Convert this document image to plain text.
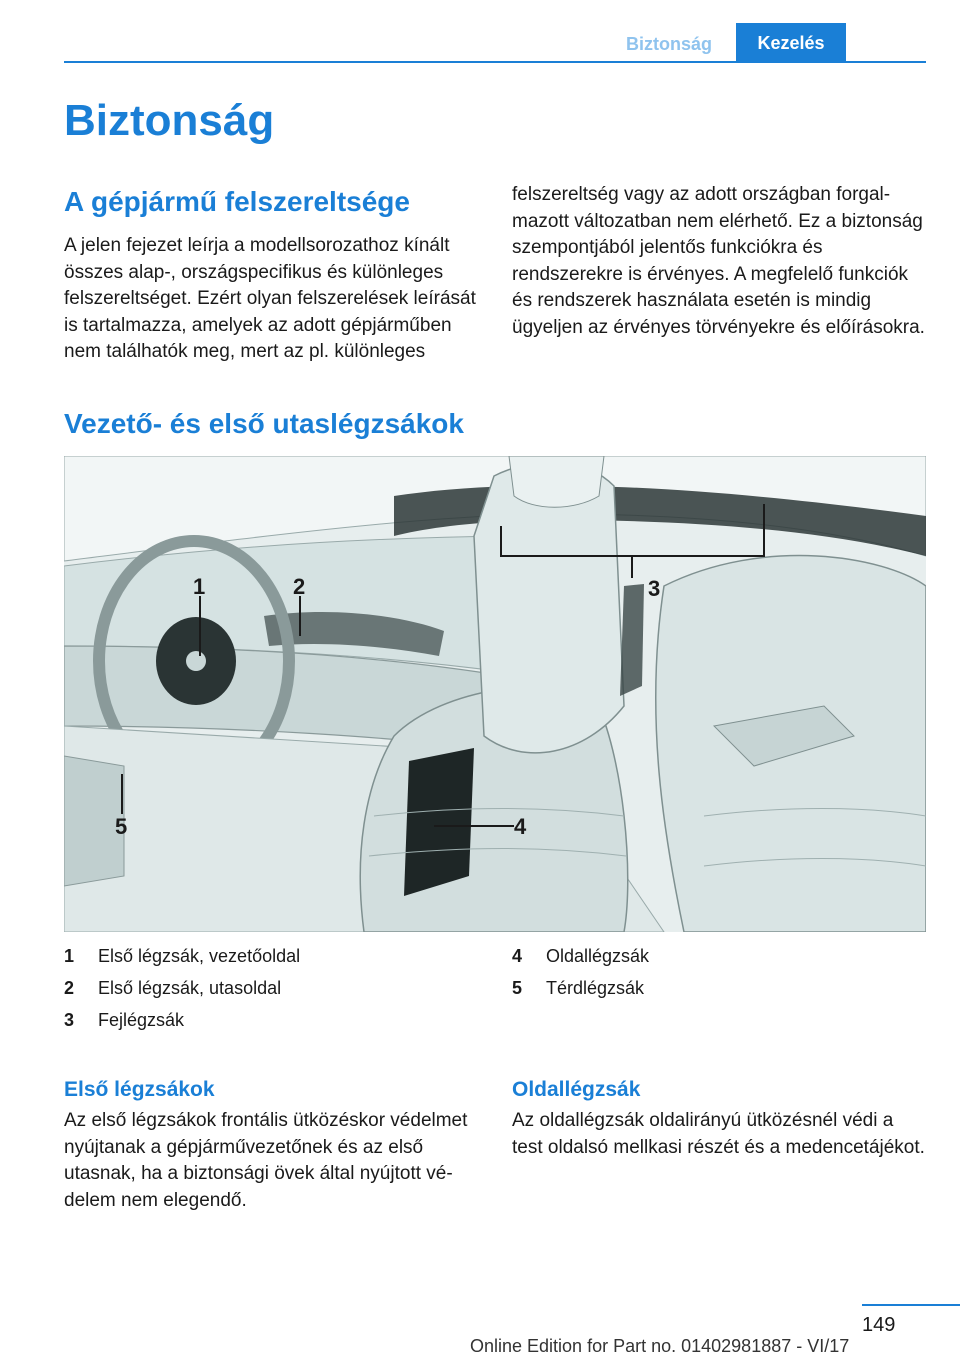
Biztonság	Kezelés
Biztonság
A gépjármű felszereltsége

A jelen fejezet leírja a modellsorozathoz kínált összes alap-, országspecifikus és különleges felszereltséget. Ezért olyan felszerelések leírását is tartalmazza, amelyek az adott gépjárműben nem találhatók meg, mert az pl. különleges

felszereltség vagy az adott országban forgalmazott változatban nem elérhető. Ez a biztonság szempontjából jelentős funkciókra és rendszerekre is érvényes. A megfelelő funkciók és rendszerek használata esetén is mindig ügyeljen az érvényes törvényekre és előírásokra.

Vezető- és első utaslégzsákok
1	2	3
4
5
1	Első légzsák, vezetőoldal
2	Első légzsák, utasoldal
3	Fejlégzsák
4	Oldallégzsák
5	Térdlégzsák
Első légzsákok

Az első légzsákok frontális ütközéskor védelmet nyújtanak a gépjárművezetőnek és az első utasnak, ha a biztonsági övek által nyújtott védelem nem elegendő.

Oldallégzsák

Az oldallégzsák oldalirányú ütközésnél védi a test oldalsó mellkasi részét és a medencetájékot.

149
Online Edition for Part no. 01402981887 - VI/17
